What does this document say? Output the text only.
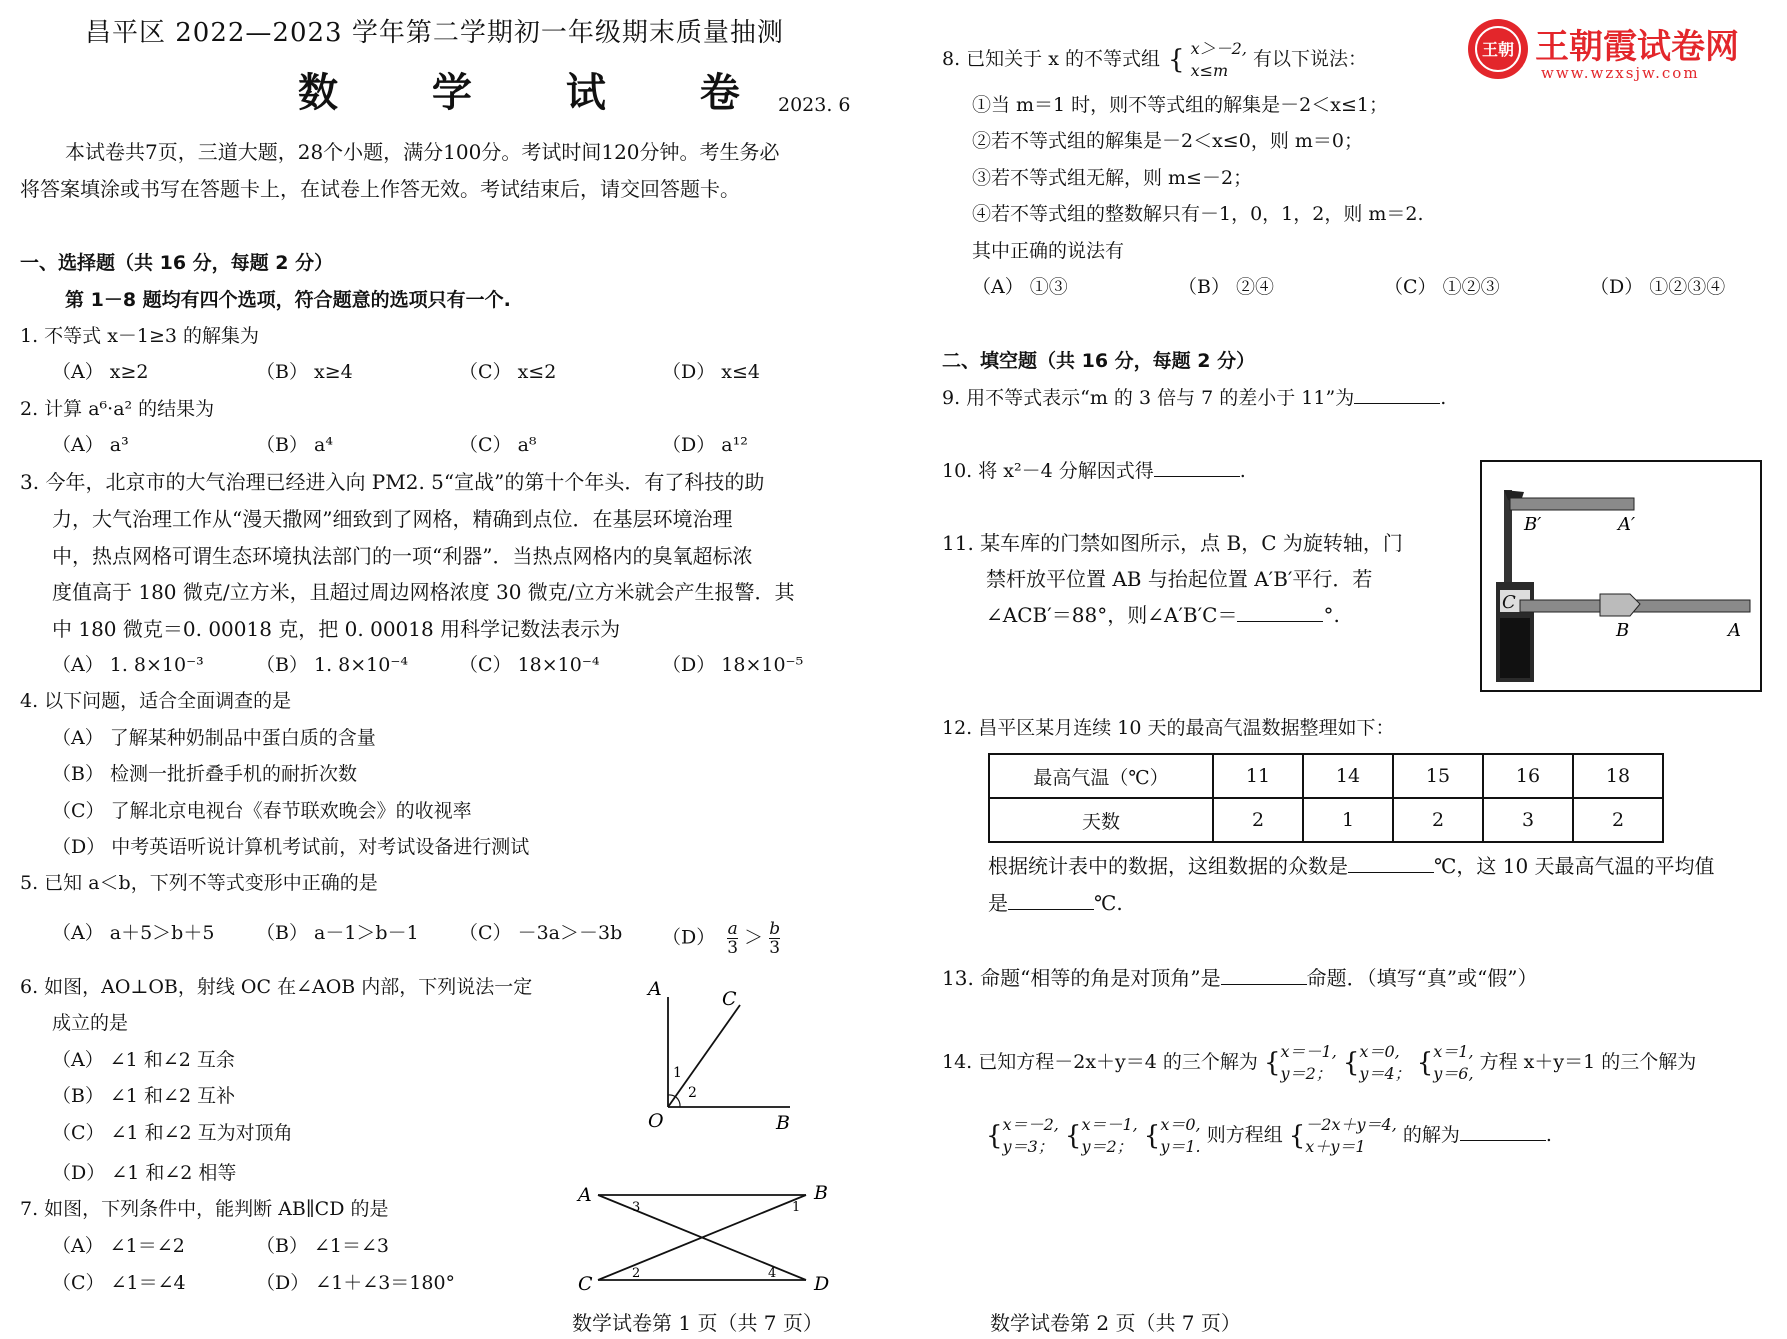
昌平区 2022—2023 学年第二学期初一年级期末质量抽测
数 学 试 卷
2023. 6
本试卷共7页，三道大题，28个小题，满分100分。考试时间120分钟。考生务必
将答案填涂或书写在答题卡上，在试卷上作答无效。考试结束后，请交回答题卡。
一、选择题（共 16 分，每题 2 分）
第 1－8 题均有四个选项，符合题意的选项只有一个.
1. 不等式 x－1≥3 的解集为
（A） x≥2	（B） x≥4	（C） x≤2	（D） x≤4
2. 计算 a⁶·a² 的结果为
（A） a³	（B） a⁴	（C） a⁸	（D） a¹²
3. 今年，北京市的大气治理已经进入向 PM2. 5“宣战”的第十个年头．有了科技的助
力，大气治理工作从“漫天撒网”细致到了网格，精确到点位．在基层环境治理
中，热点网格可谓生态环境执法部门的一项“利器”．当热点网格内的臭氧超标浓
度值高于 180 微克/立方米，且超过周边网格浓度 30 微克/立方米就会产生报警．其
中 180 微克＝0. 00018 克，把 0. 00018 用科学记数法表示为
（A） 1. 8×10⁻³	（B） 1. 8×10⁻⁴	（C） 18×10⁻⁴	（D） 18×10⁻⁵
4. 以下问题，适合全面调查的是
（A） 了解某种奶制品中蛋白质的含量
（B） 检测一批折叠手机的耐折次数
（C） 了解北京电视台《春节联欢晚会》的收视率
（D） 中考英语听说计算机考试前，对考试设备进行测试
5. 已知 a＜b，下列不等式变形中正确的是
（A） a＋5＞b＋5 （B） a－1＞b－1 （C） －3a＞－3b $(D) \frac{a}{3} > \frac{b}{3}$
6. 如图，AO⊥OB，射线 OC 在∠AOB 内部，下列说法一定
成立的是
（A） ∠1 和∠2 互余
（B） ∠1 和∠2 互补
（C） ∠1 和∠2 互为对顶角
（D） ∠1 和∠2 相等
A	C
O	B
1
2
7. 如图，下列条件中，能判断 AB∥CD 的是
（A） ∠1＝∠2	（B） ∠1＝∠3
（C） ∠1＝∠4	（D） ∠1＋∠3＝180°
A	B
C	D
1
2
3
4
数学试卷第 1 页（共 7 页）
8. 已知关于 x 的不等式组 { x＞－2,
x≤m
有以下说法：
①当 m＝1 时，则不等式组的解集是－2＜x≤1；
②若不等式组的解集是－2＜x≤0，则 m＝0；
③若不等式组无解，则 m≤－2；
④若不等式组的整数解只有－1，0，1，2，则 m＝2.
其中正确的说法有
（A） ①③	（B） ②④	（C） ①②③	（D） ①②③④
二、填空题（共 16 分，每题 2 分）
9. 用不等式表示“m 的 3 倍与 7 的差小于 11”为	.
10. 将 x²－4 分解因式得	.
11. 某车库的门禁如图所示，点 B，C 为旋转轴，门
禁杆放平位置 AB 与抬起位置 A′B′平行．若
∠ACB′＝88°，则∠A′B′C＝	°.
B′	A′
C
B	A
12. 昌平区某月连续 10 天的最高气温数据整理如下：
最高气温（℃）	11	14	15	16	18
天数	2	1	2	3	2
根据统计表中的数据，这组数据的众数是	℃，这 10 天最高气温的平均值
是	℃.
13. 命题“相等的角是对顶角”是	命题．（填写“真”或“假”）
14. 已知方程－2x＋y＝4 的三个解为 { x＝－1,
y＝2； { x＝0,
y＝4； { x＝1,
y＝6,
方程 x＋y＝1 的三个解为
{ x＝－2,
y＝3； { x＝－1,
y＝2； { x＝0,
y＝1.
则方程组 { －2x＋y＝4,
x＋y＝1
的解为	.
数学试卷第 2 页（共 7 页）
王朝 王朝霞试卷网
www.wzxsjw.com
